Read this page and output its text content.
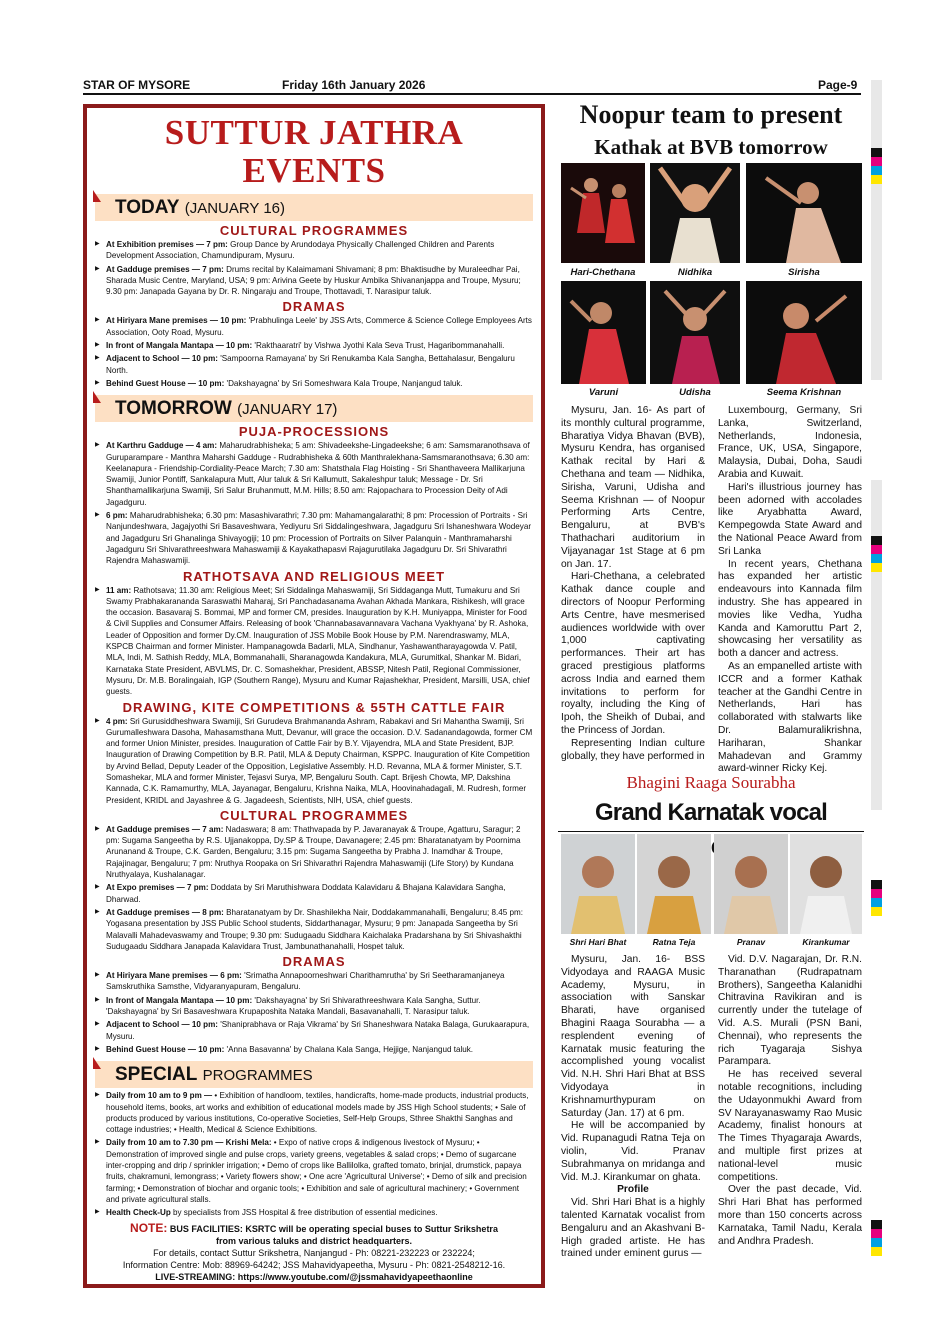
STAR OF MYSORE	Friday 16th January 2026	Page-9
SUTTUR JATHRA EVENTS
TODAY (JANUARY 16)
CULTURAL PROGRAMMES
▶ At Exhibition premises — 7 pm: Group Dance by Arundodaya Physically Challenged Children and Parents Development Association, Chamundipuram, Mysuru.
▶ At Gadduge premises — 7 pm: Drums recital by Kalaimamani Shivamani; 8 pm: Bhaktisudhe by Muraleedhar Pai, Sharada Music Centre, Maryland, USA; 9 pm: Arivina Geete by Huskur Ambika Shivananjappa and Troupe, Mysuru; 9.30 pm: Janapada Gayana by Dr. R. Ningaraju and Troupe, Thottavadi, T. Narasipur taluk.
DRAMAS
▶ At Hiriyara Mane premises — 10 pm: 'Prabhulinga Leele' by JSS Arts, Commerce & Science College Employees Arts Association, Ooty Road, Mysuru.
▶ In front of Mangala Mantapa — 10 pm: 'Rakthaaratri' by Vishwa Jyothi Kala Seva Trust, Hagaribommanahalli.
▶ Adjacent to School — 10 pm: 'Sampoorna Ramayana' by Sri Renukamba Kala Sangha, Bettahalasur, Bengaluru North.
▶ Behind Guest House — 10 pm: 'Dakshayagna' by Sri Someshwara Kala Troupe, Nanjangud taluk.
TOMORROW (JANUARY 17)
PUJA-PROCESSIONS
▶ At Karthru Gadduge — 4 am: Maharudrabhisheka; 5 am: Shivadeekshe-Lingadeekshe; 6 am: Samsmaranothsava of Guruparampare - Manthra Maharshi Gadduge - Rudrabhisheka & 60th Manthralekhana-Samsmaranothsava; 6.30 am: Keelanapura - Friendship-Cordiality-Peace March; 7.30 am: Shatsthala Flag Hoisting - Sri Shanthaveera Mallikarjuna Swamiji, Junior Pontiff, Sankalapura Mutt, Alur taluk & Sri Kallumutt, Sakaleshpur taluk; Message - Dr. Sri Shanthamallikarjuna Swamiji, Sri Salur Bruhanmutt, M.M. Hills; 8.50 am: Rajopachara to Procession Deity of Adi Jagadguru.
▶ 6 pm: Maharudrabhisheka; 6.30 pm: Masashivarathri; 7.30 pm: Mahamangalarathi; 8 pm: Procession of Portraits - Sri Nanjundeshwara, Jagajyothi Sri Basaveshwara, Yediyuru Sri Siddalingeshwara, Jagadguru Sri Ishaneshwara Wodeyar and Jagadguru Sri Ghanalinga Shivayogiji; 10 pm: Procession of Portraits on Silver Palanquin - Manthramaharshi Jagadguru Sri Shivarathreeshwara Mahaswamiji & Kayakathapasvi Rajagurutilaka Jagadguru Dr. Sri Shivarathri Rajendra Mahaswamiji.
RATHOTSAVA AND RELIGIOUS MEET
▶ 11 am: Rathotsava; 11.30 am: Religious Meet; Sri Siddalinga Mahaswamiji, Sri Siddaganga Mutt, Tumakuru and Sri Swamy Prabhakarananda Saraswathi Maharaj, Sri Panchadasanama Avahan Akhada Mankara, Rishikesh, will grace the occasion. Basavaraj S. Bommai, MP and former CM, presides. Inauguration by K.H. Muniyappa, Minister for Food & Civil Supplies and Consumer Affairs. Releasing of book 'Channabasavannavara Vachana Vyakhyana' by R. Ashoka, Leader of Opposition and former Dy.CM. Inauguration of JSS Mobile Book House by P.M. Narendraswamy, MLA, KSPCB Chairman and former Minister. Hampanagowda Badarli, MLA, Sindhanur, Yashawantharayagowda V. Patil, MLA, Indi, M. Sathish Reddy, MLA, Bommanahalli, Sharanagowda Kandakura, MLA, Gurumitkal, Shankar M. Bidari, Karnataka State President, ABVLMS, Dr. C. Somashekhar, President, ABSSP, Nitesh Patil, Regional Commissioner, Mysuru, Dr. M.B. Boralingaiah, IGP (Southern Range), Mysuru and Kumar Rajashekhar, President, Marsilli, USA, chief guests.
DRAWING, KITE COMPETITIONS & 55TH CATTLE FAIR
▶ 4 pm: Sri Gurusiddheshwara Swamiji, Sri Gurudeva Brahmananda Ashram, Rabakavi and Sri Mahantha Swamiji, Sri Gurumalleshwara Dasoha, Mahasamsthana Mutt, Devanur, will grace the occasion. D.V. Sadanandagowda, former CM and former Union Minister, presides. Inauguration of Cattle Fair by B.Y. Vijayendra, MLA and State President, BJP. Inauguration of Drawing Competition by B.R. Patil, MLA & Deputy Chairman, KSPPC. Inauguration of Kite Competition by Arvind Bellad, Deputy Leader of the Opposition, Legislative Assembly. H.D. Revanna, MLA & former Minister, S.T. Somashekar, MLA and former Minister, Tejasvi Surya, MP, Bengaluru South. Capt. Brijesh Chowta, MP, Dakshina Kannada, C.K. Ramamurthy, MLA, Jayanagar, Bengaluru, Krishna Naika, MLA, Hoovinahadagali, M. Rudresh, former President, KRIDL and Jayashree & G. Jagadeesh, Scientists, NIH, USA, chief guests.
CULTURAL PROGRAMMES
▶ At Gadduge premises — 7 am: Nadaswara; 8 am: Thathvapada by P. Javaranayak & Troupe, Agatturu, Saragur; 2 pm: Sugama Sangeetha by R.S. Ujjanakoppa, Dy.SP & Troupe, Davanagere; 2.45 pm: Bharatanatyam by Poornima Arunanand & Troupe, C.K. Garden, Bengaluru; 3.15 pm: Sugama Sangeetha by Prabha J. Inamdhar & Troupe, Rajajinagar, Bengaluru; 7 pm: Nruthya Roopaka on Sri Shivarathri Rajendra Mahaswamiji (Life Story) by Kundana Nruthyalaya, Kushalanagar.
▶ At Expo premises — 7 pm: Doddata by Sri Maruthishwara Doddata Kalavidaru & Bhajana Kalavidara Sangha, Dharwad.
▶ At Gadduge premises — 8 pm: Bharatanatyam by Dr. Shashilekha Nair, Doddakammanahalli, Bengaluru; 8.45 pm: Yogasana presentation by JSS Public School students, Siddarthanagar, Mysuru; 9 pm: Janapada Sangeetha by Sri Malavalli Mahadevaswamy and Troupe; 9.30 pm: Sudugaadu Siddhara Kaichalaka Pradarshana by Sri Shivashakthi Sudugaadu Siddhara Janapada Kalavidara Trust, Jambunathanahalli, Hospet taluk.
DRAMAS
▶ At Hiriyara Mane premises — 6 pm: 'Srimatha Annapoorneshwari Charithamrutha' by Sri Seetharamanjaneya Samskruthika Samsthe, Vidyaranyapuram, Bengaluru.
▶ In front of Mangala Mantapa — 10 pm: 'Dakshayagna' by Sri Shivarathreeshwara Kala Sangha, Suttur. 'Dakshayagna' by Sri Basaveshwara Krupaposhita Nataka Mandali, Basavanahalli, T. Narasipur taluk.
▶ Adjacent to School — 10 pm: 'Shaniprabhava or Raja Vikrama' by Sri Shaneshwara Nataka Balaga, Gurukaarapura, Mysuru.
▶ Behind Guest House — 10 pm: 'Anna Basavanna' by Chalana Kala Sanga, Hejjige, Nanjangud taluk.
SPECIAL PROGRAMMES
▶ Daily from 10 am to 9 pm — • Exhibition of handloom, textiles, handicrafts, home-made products, industrial products, household items, books, art works and exhibition of educational models made by JSS High School students; • Sale of products produced by various institutions, Co-operative Societies, Self-Help Groups, Sthree Shakthi Sanghas and cottage industries; • Health, Medical & Science Exhibitions.
▶ Daily from 10 am to 7.30 pm — Krishi Mela: • Expo of native crops & indigenous livestock of Mysuru; • Demonstration of improved single and pulse crops, variety greens, vegetables & salad crops; • Demo of sugarcane inter-cropping and drip / sprinkler irrigation; • Demo of crops like Ballilolka, grafted tomato, brinjal, drumstick, papaya fruits, chakramuni, lemongrass; • Variety flowers show; • One acre 'Agricultural Universe'; • Demo of silk and precision farming; • Demonstration of biochar and organic tools; • Exhibition and sale of agricultural machinery; • Government and private agricultural stalls.
▶ Health Check-Up by specialists from JSS Hospital & free distribution of essential medicines.
NOTE: BUS FACILITIES: KSRTC will be operating special buses to Suttur Srikshetra
from various taluks and district headquarters.
For details, contact Suttur Srikshetra, Nanjangud - Ph: 08221-232223 or 232224;
Information Centre: Mob: 88969-64242; JSS Mahavidyapeetha, Mysuru - Ph: 0821-2548212-16.
LIVE-STREAMING: https://www.youtube.com/@jssmahavidyapeethaonline
Noopur team to present
Kathak at BVB tomorrow
Hari-Chethana	Nidhika	Sirisha
Varuni	Udisha	Seema Krishnan

Mysuru, Jan. 16- As part of its monthly cultural programme, Bharatiya Vidya Bhavan (BVB), Mysuru Kendra, has organised Kathak recital by Hari & Chethana and team — Nidhika, Sirisha, Varuni, Udisha and Seema Krishnan — of Noopur Performing Arts Centre, Bengaluru, at BVB's Thathachari auditorium in Vijayanagar 1st Stage at 6 pm on Jan. 17.

Hari-Chethana, a celebrated Kathak dance couple and directors of Noopur Performing Arts Centre, have mesmerised audiences worldwide with over 1,000 captivating performances. Their art has graced prestigious platforms across India and earned them invitations to perform for royalty, including the King of Ipoh, the Sheikh of Dubai, and the Princess of Jordan.

Representing Indian culture globally, they have performed in

Luxembourg, Germany, Sri Lanka, Switzerland, Netherlands, Indonesia, France, UK, USA, Singapore, Malaysia, Dubai, Doha, Saudi Arabia and Kuwait.

Hari's illustrious journey has been adorned with accolades like Aryabhatta Award, Kempegowda State Award and the National Peace Award from Sri Lanka

In recent years, Chethana has expanded her artistic endeavours into Kannada film industry. She has appeared in movies like Vedha, Yudha Kanda and Kamoruttu Part 2, showcasing her versatility as both a dancer and actress.

As an empanelled artiste with ICCR and a former Kathak teacher at the Gandhi Centre in Netherlands, Hari has collaborated with stalwarts like Dr. Balamuralikrishna, Hariharan, Shankar Mahadevan and Grammy award-winner Ricky Kej.

Bhagini Raaga Sourabha
Grand Karnatak vocal
Shri Hari Bhat	Ratna Teja	Pranav	Kirankumar

Mysuru, Jan. 16- BSS Vidyodaya and RAAGA Music Academy, Mysuru, in association with Sanskar Bharati, have organised Bhagini Raaga Sourabha — a resplendent evening of Karnatak music featuring the accomplished young vocalist Vid. N.H. Shri Hari Bhat at BSS Vidyodaya in Krishnamurthypuram on Saturday (Jan. 17) at 6 pm.

He will be accompanied by Vid. Rupanagudi Ratna Teja on violin, Vid. Pranav Subrahmanya on mridanga and Vid. M.J. Kirankumar on ghata.

Profile

Vid. Shri Hari Bhat is a highly talented Karnatak vocalist from Bengaluru and an Akashvani B-High graded artiste. He has trained under eminent gurus —

Vid. D.V. Nagarajan, Dr. R.N. Tharanathan (Rudrapatnam Brothers), Sangeetha Kalanidhi Chitravina Ravikiran and is currently under the tutelage of Vid. A.S. Murali (PSN Bani, Chennai), who represents the rich Tyagaraja Sishya Parampara.

He has received several notable recognitions, including the Udayonmukhi Award from SV Narayanaswamy Rao Music Academy, finalist honours at The Times Thyagaraja Awards, and multiple first prizes at national-level music competitions.

Over the past decade, Vid. Shri Hari Bhat has performed more than 150 concerts across Karnataka, Tamil Nadu, Kerala and Andhra Pradesh.
